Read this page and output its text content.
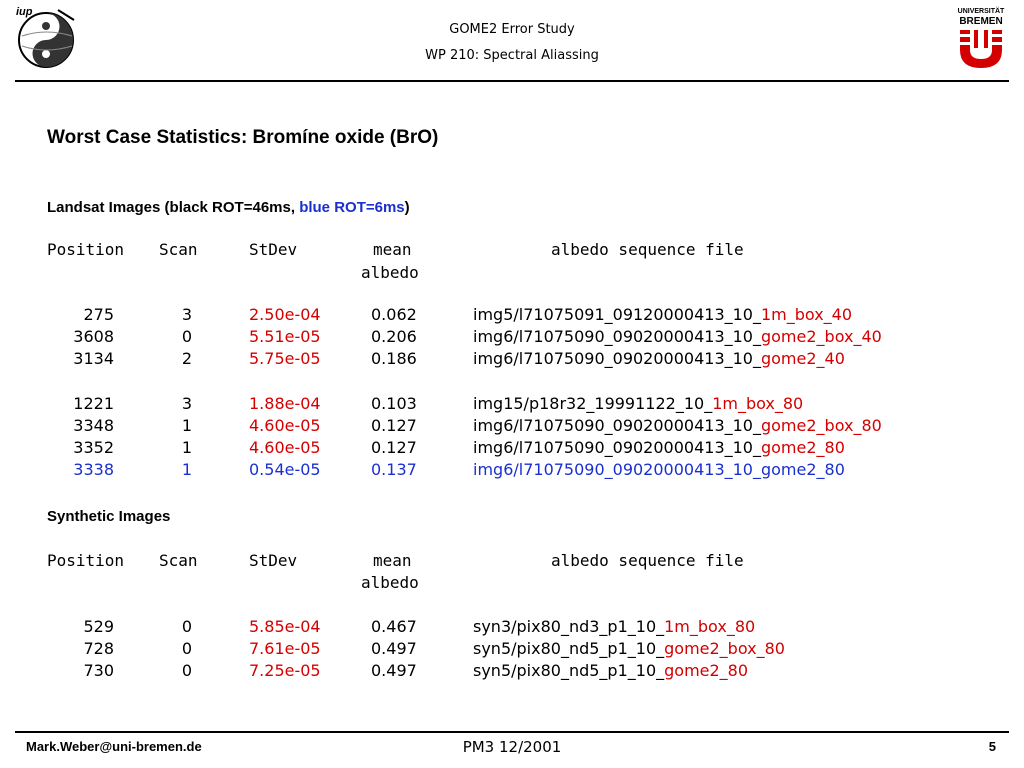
iup
GOME2 Error Study
WP 210: Spectral Aliassing
UNIVERSITÄT
BREMEN
Worst Case Statistics: Bromíne oxide (BrO)
Landsat Images (black ROT=46ms, blue ROT=6ms)
Position Scan	StDev	mean
albedo
albedo sequence file
275	3	2.50e-04	0.062	img5/l71075091_09120000413_10_1m_box_40
3608	0	5.51e-05	0.206	img6/l71075090_09020000413_10_gome2_box_40
3134	2	5.75e-05	0.186	img6/l71075090_09020000413_10_gome2_40
1221	3	1.88e-04	0.103	img15/p18r32_19991122_10_1m_box_80
3348	1	4.60e-05	0.127	img6/l71075090_09020000413_10_gome2_box_80
3352	1	4.60e-05	0.127	img6/l71075090_09020000413_10_gome2_80
3338	1	0.54e-05	0.137	img6/l71075090_09020000413_10_gome2_80
Synthetic Images
Position Scan	StDev	mean
albedo
albedo sequence file
529	0	5.85e-04	0.467	syn3/pix80_nd3_p1_10_1m_box_80
728	0	7.61e-05	0.497	syn5/pix80_nd5_p1_10_gome2_box_80
730	0	7.25e-05	0.497	syn5/pix80_nd5_p1_10_gome2_80
Mark.Weber@uni-bremen.de	PM3 12/2001	5
